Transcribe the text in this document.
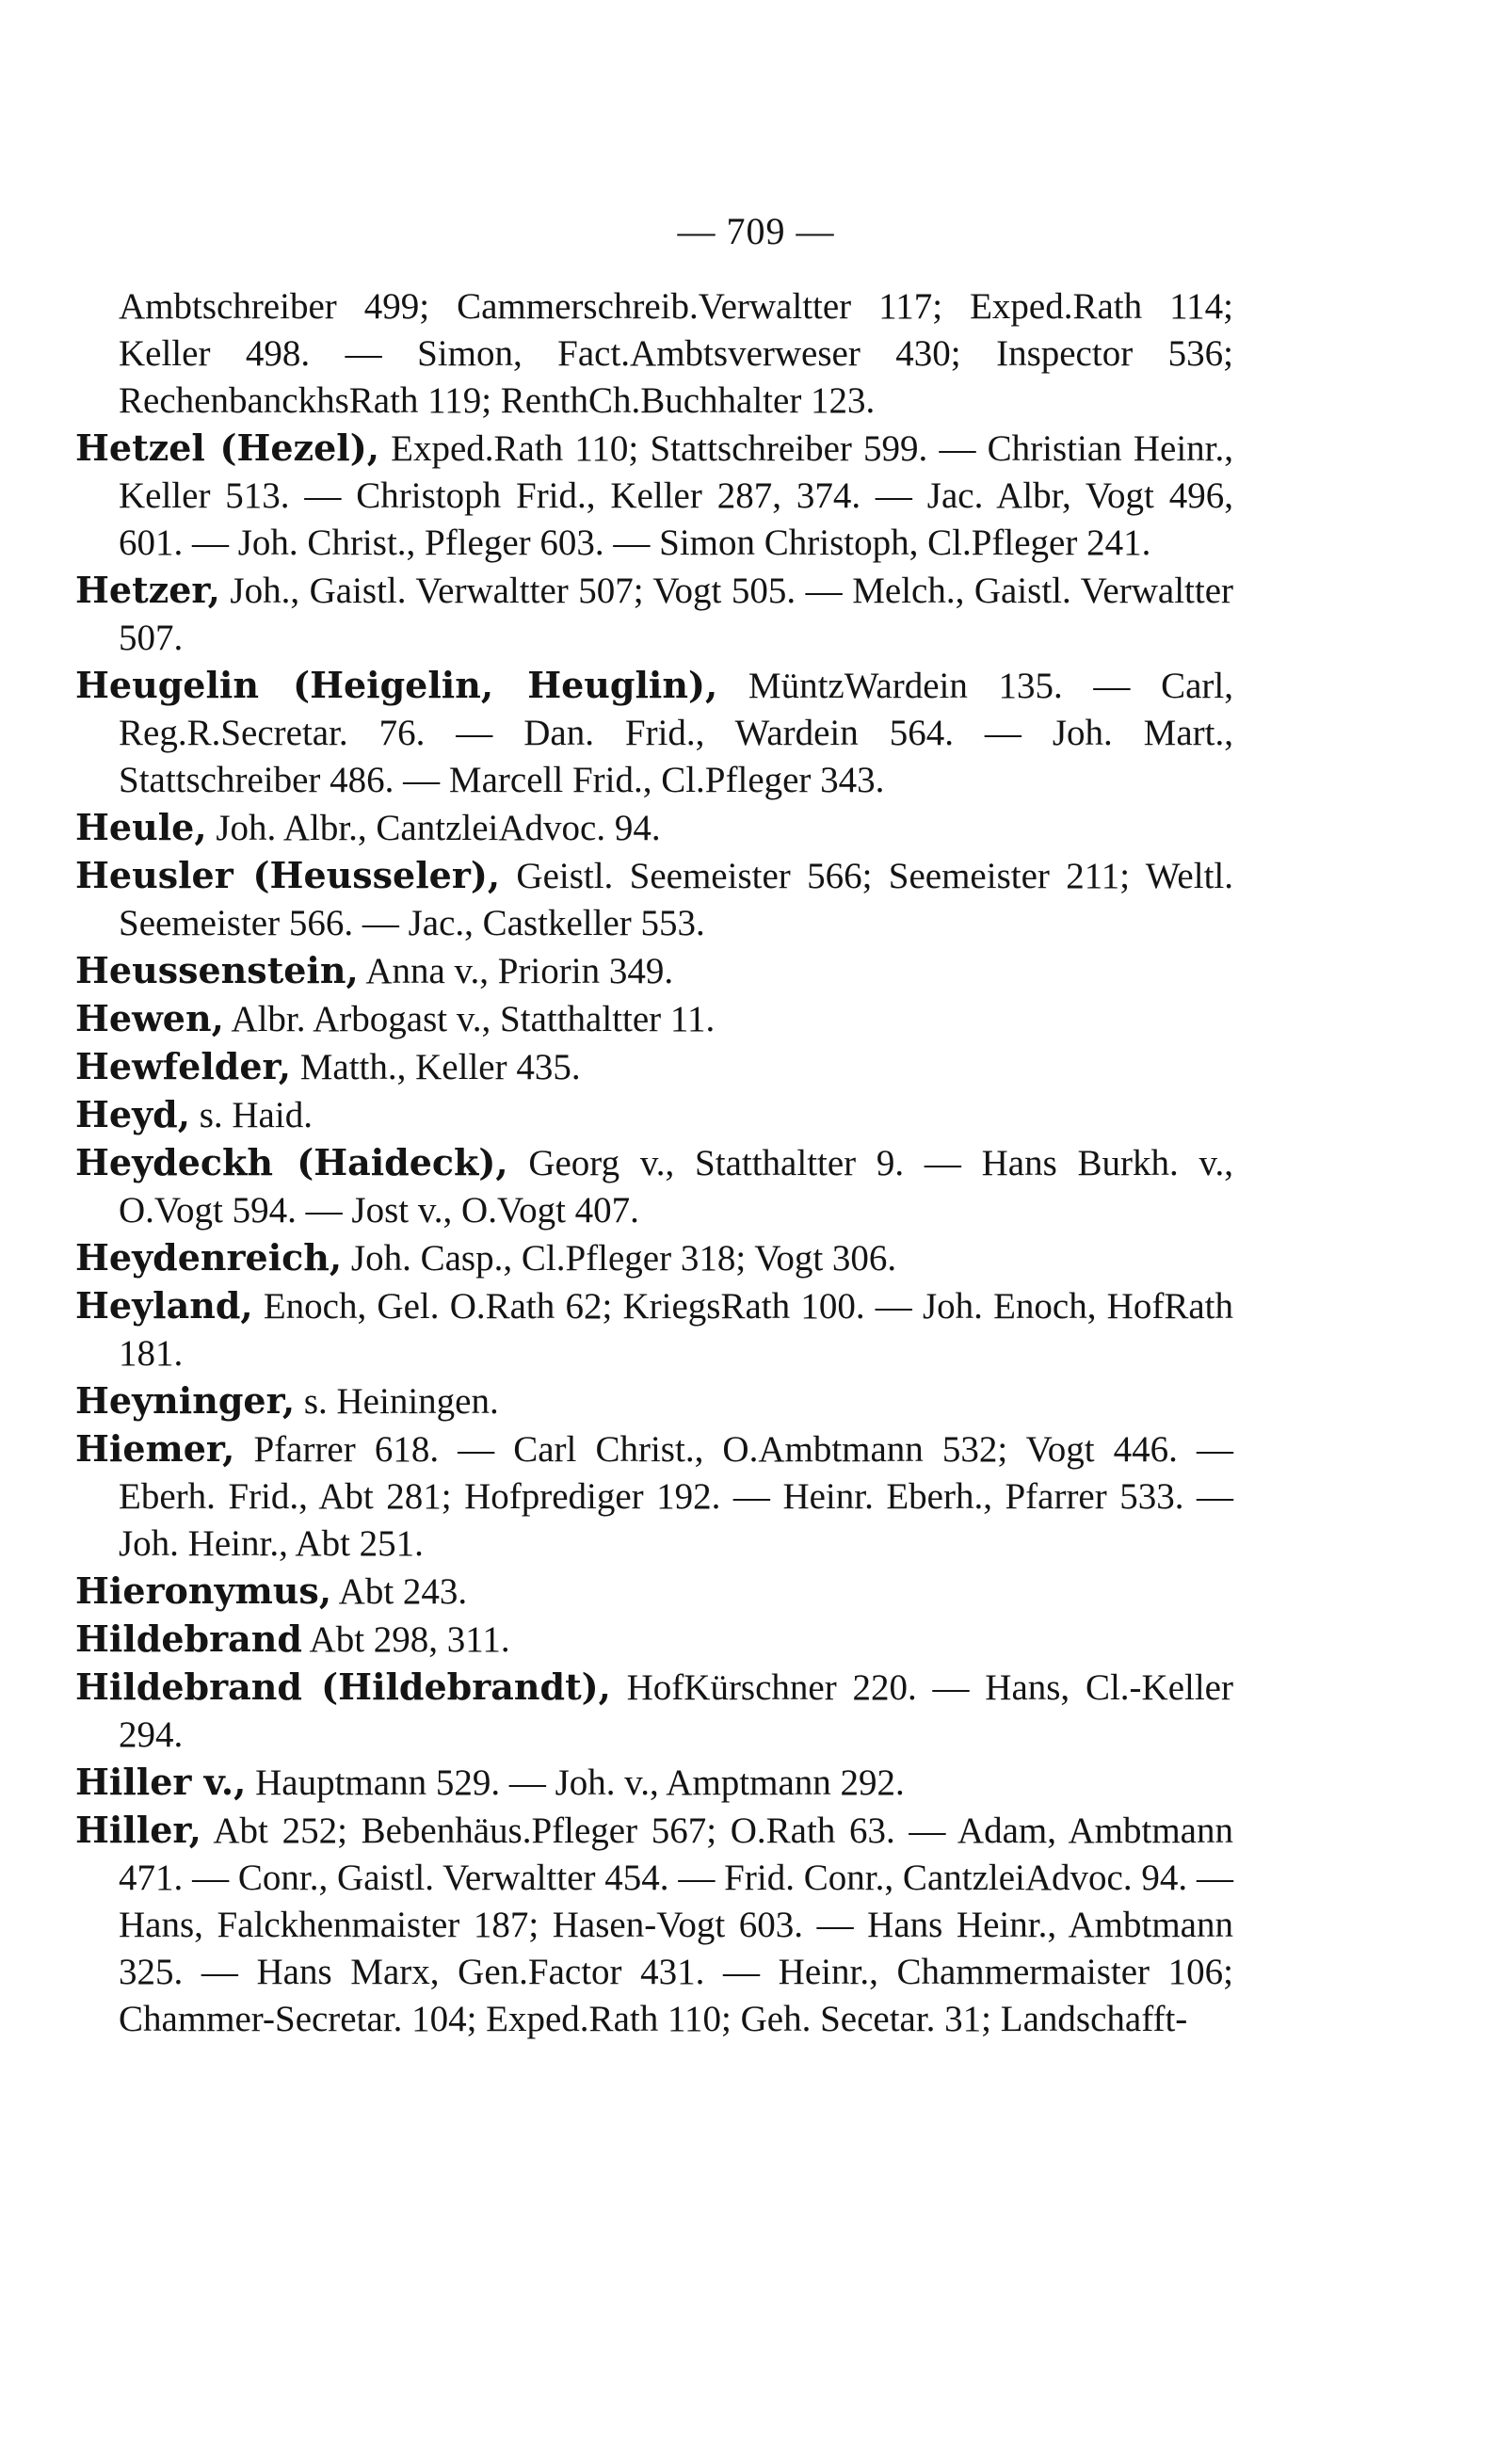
— 709 —

Ambtschreiber 499; Cammerschreib.Verwaltter 117; Exped.Rath 114; Keller 498. — Simon, Fact.Ambtsverweser 430; Inspector 536; RechenbanckhsRath 119; RenthCh.Buchhalter 123.

Hetzel (Hezel), Exped.Rath 110; Stattschreiber 599. — Christian Heinr., Keller 513. — Christoph Frid., Keller 287, 374. — Jac. Albr, Vogt 496, 601. — Joh. Christ., Pfleger 603. — Simon Christoph, Cl.Pfleger 241.

Hetzer, Joh., Gaistl. Verwaltter 507; Vogt 505. — Melch., Gaistl. Verwaltter 507.

Heugelin (Heigelin, Heuglin), MüntzWardein 135. — Carl, Reg.R.Secretar. 76. — Dan. Frid., Wardein 564. — Joh. Mart., Stattschreiber 486. — Marcell Frid., Cl.Pfleger 343.

Heule, Joh. Albr., CantzleiAdvoc. 94.

Heusler (Heusseler), Geistl. Seemeister 566; Seemeister 211; Weltl. Seemeister 566. — Jac., Castkeller 553.

Heussenstein, Anna v., Priorin 349.

Hewen, Albr. Arbogast v., Statthaltter 11.

Hewfelder, Matth., Keller 435.

Heyd, s. Haid.

Heydeckh (Haideck), Georg v., Statthaltter 9. — Hans Burkh. v., O.Vogt 594. — Jost v., O.Vogt 407.

Heydenreich, Joh. Casp., Cl.Pfleger 318; Vogt 306.

Heyland, Enoch, Gel. O.Rath 62; KriegsRath 100. — Joh. Enoch, HofRath 181.

Heyninger, s. Heiningen.

Hiemer, Pfarrer 618. — Carl Christ., O.Ambtmann 532; Vogt 446. — Eberh. Frid., Abt 281; Hofprediger 192. — Heinr. Eberh., Pfarrer 533. — Joh. Heinr., Abt 251.

Hieronymus, Abt 243.

Hildebrand Abt 298, 311.

Hildebrand (Hildebrandt), HofKürschner 220. — Hans, Cl.-Keller 294.

Hiller v., Hauptmann 529. — Joh. v., Amptmann 292.

Hiller, Abt 252; Bebenhäus.Pfleger 567; O.Rath 63. — Adam, Ambtmann 471. — Conr., Gaistl. Verwaltter 454. — Frid. Conr., CantzleiAdvoc. 94. — Hans, Falckhenmaister 187; Hasen-Vogt 603. — Hans Heinr., Ambtmann 325. — Hans Marx, Gen.Factor 431. — Heinr., Chammermaister 106; Chammer-Secretar. 104; Exped.Rath 110; Geh. Secetar. 31; Landschafft-
